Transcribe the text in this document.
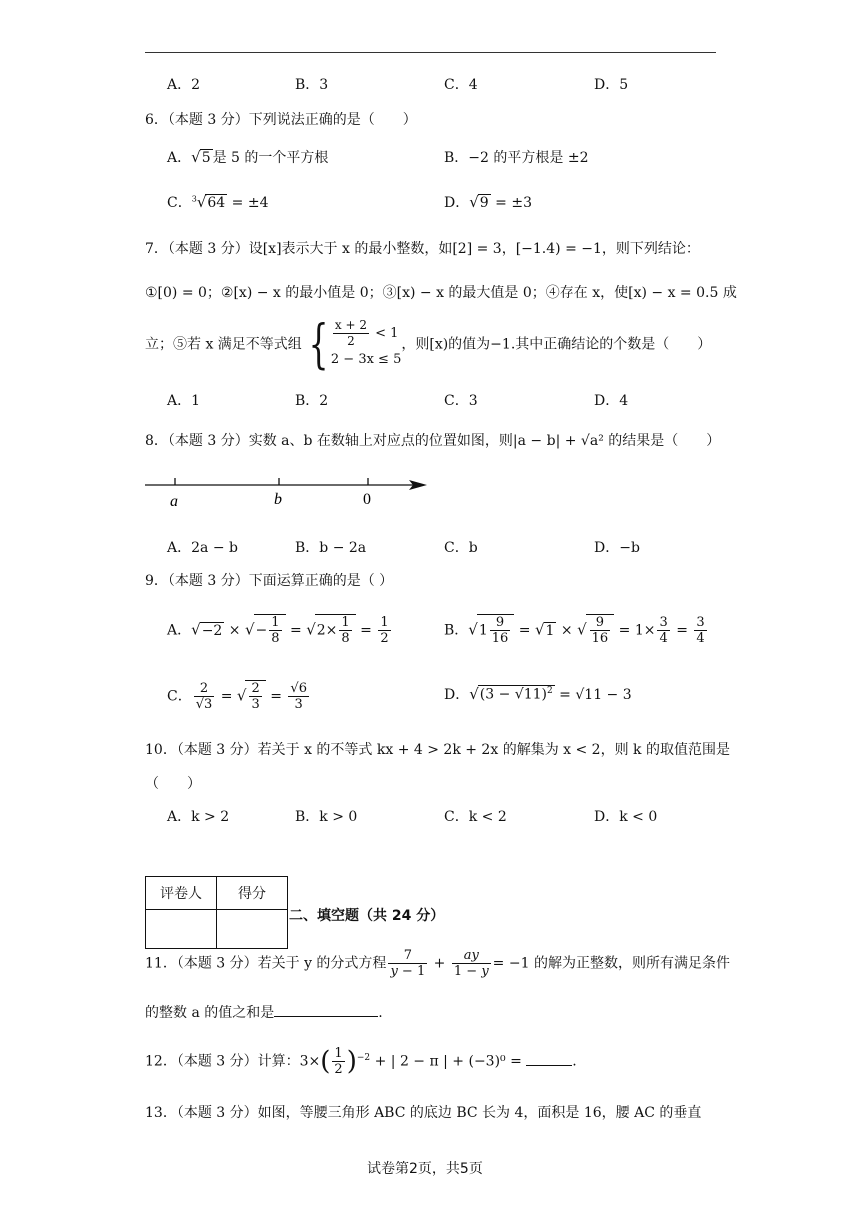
A．2	B．3	C．4	D．5
6．（本题 3 分）下列说法正确的是（　　）
A．√5 是 5 的一个平方根	B．−2 的平方根是 ±2
C．$^3$√64 = ±4	D．√9 = ±3
7．（本题 3 分）设[x]表示大于 x 的最小整数，如[2] = 3，[−1.4) = −1，则下列结论：
①[0) = 0；②[x) − x 的最小值是 0；③[x) − x 的最大值是 0；④存在 x，使[x) − x = 0.5 成
立；⑤若 x 满足不等式组 { $\frac{x + 2}{2} < 1$
2 − 3x ≤ 5
，则[x)的值为−1.其中正确结论的个数是（　　）
A．1	B．2	C．3	D．4
8．（本题 3 分）实数 a、b 在数轴上对应点的位置如图，则|a − b| + √a² 的结果是（　　）
a	b	0
A．2a − b	B．b − 2a	C．b	D．−b
9．（本题 3 分）下面运算正确的是（ ）
A．√−2 × √− $\frac{1}{8} = √2\times \frac{1}{8} = \frac{1}{2}$	B．$√1 \frac{9}{16} = √1$ × √ $\frac{9}{16} = 1\times \frac{3}{4} = \frac{3}{4}$
C． $\frac{2}{√3}$ = √ $\frac{2}{3} = \frac{√6}{3}$	D．$√(3 - √11)^2 = √11 - 3$
10．（本题 3 分）若关于 x 的不等式 kx + 4 > 2k + 2x 的解集为 x < 2，则 k 的取值范围是
（　　）
A．k > 2	B．k > 0	C．k < 2	D．k < 0
评卷人	得分

二、填空题（共 24 分）
11．（本题 3 分）若关于 y 的分式方程 $\frac{7}{y - 1} + \frac{ay}{1 - y} = -1$ 的解为正整数，则所有满足条件
的整数 a 的值之和是	.
12．（本题 3 分）计算：$3\times( \frac{1}{2} )^{-2}$ + | 2 − π | + (−3)⁰ =	.
13．（本题 3 分）如图，等腰三角形 ABC 的底边 BC 长为 4，面积是 16，腰 AC 的垂直
试卷第2页，共5页
